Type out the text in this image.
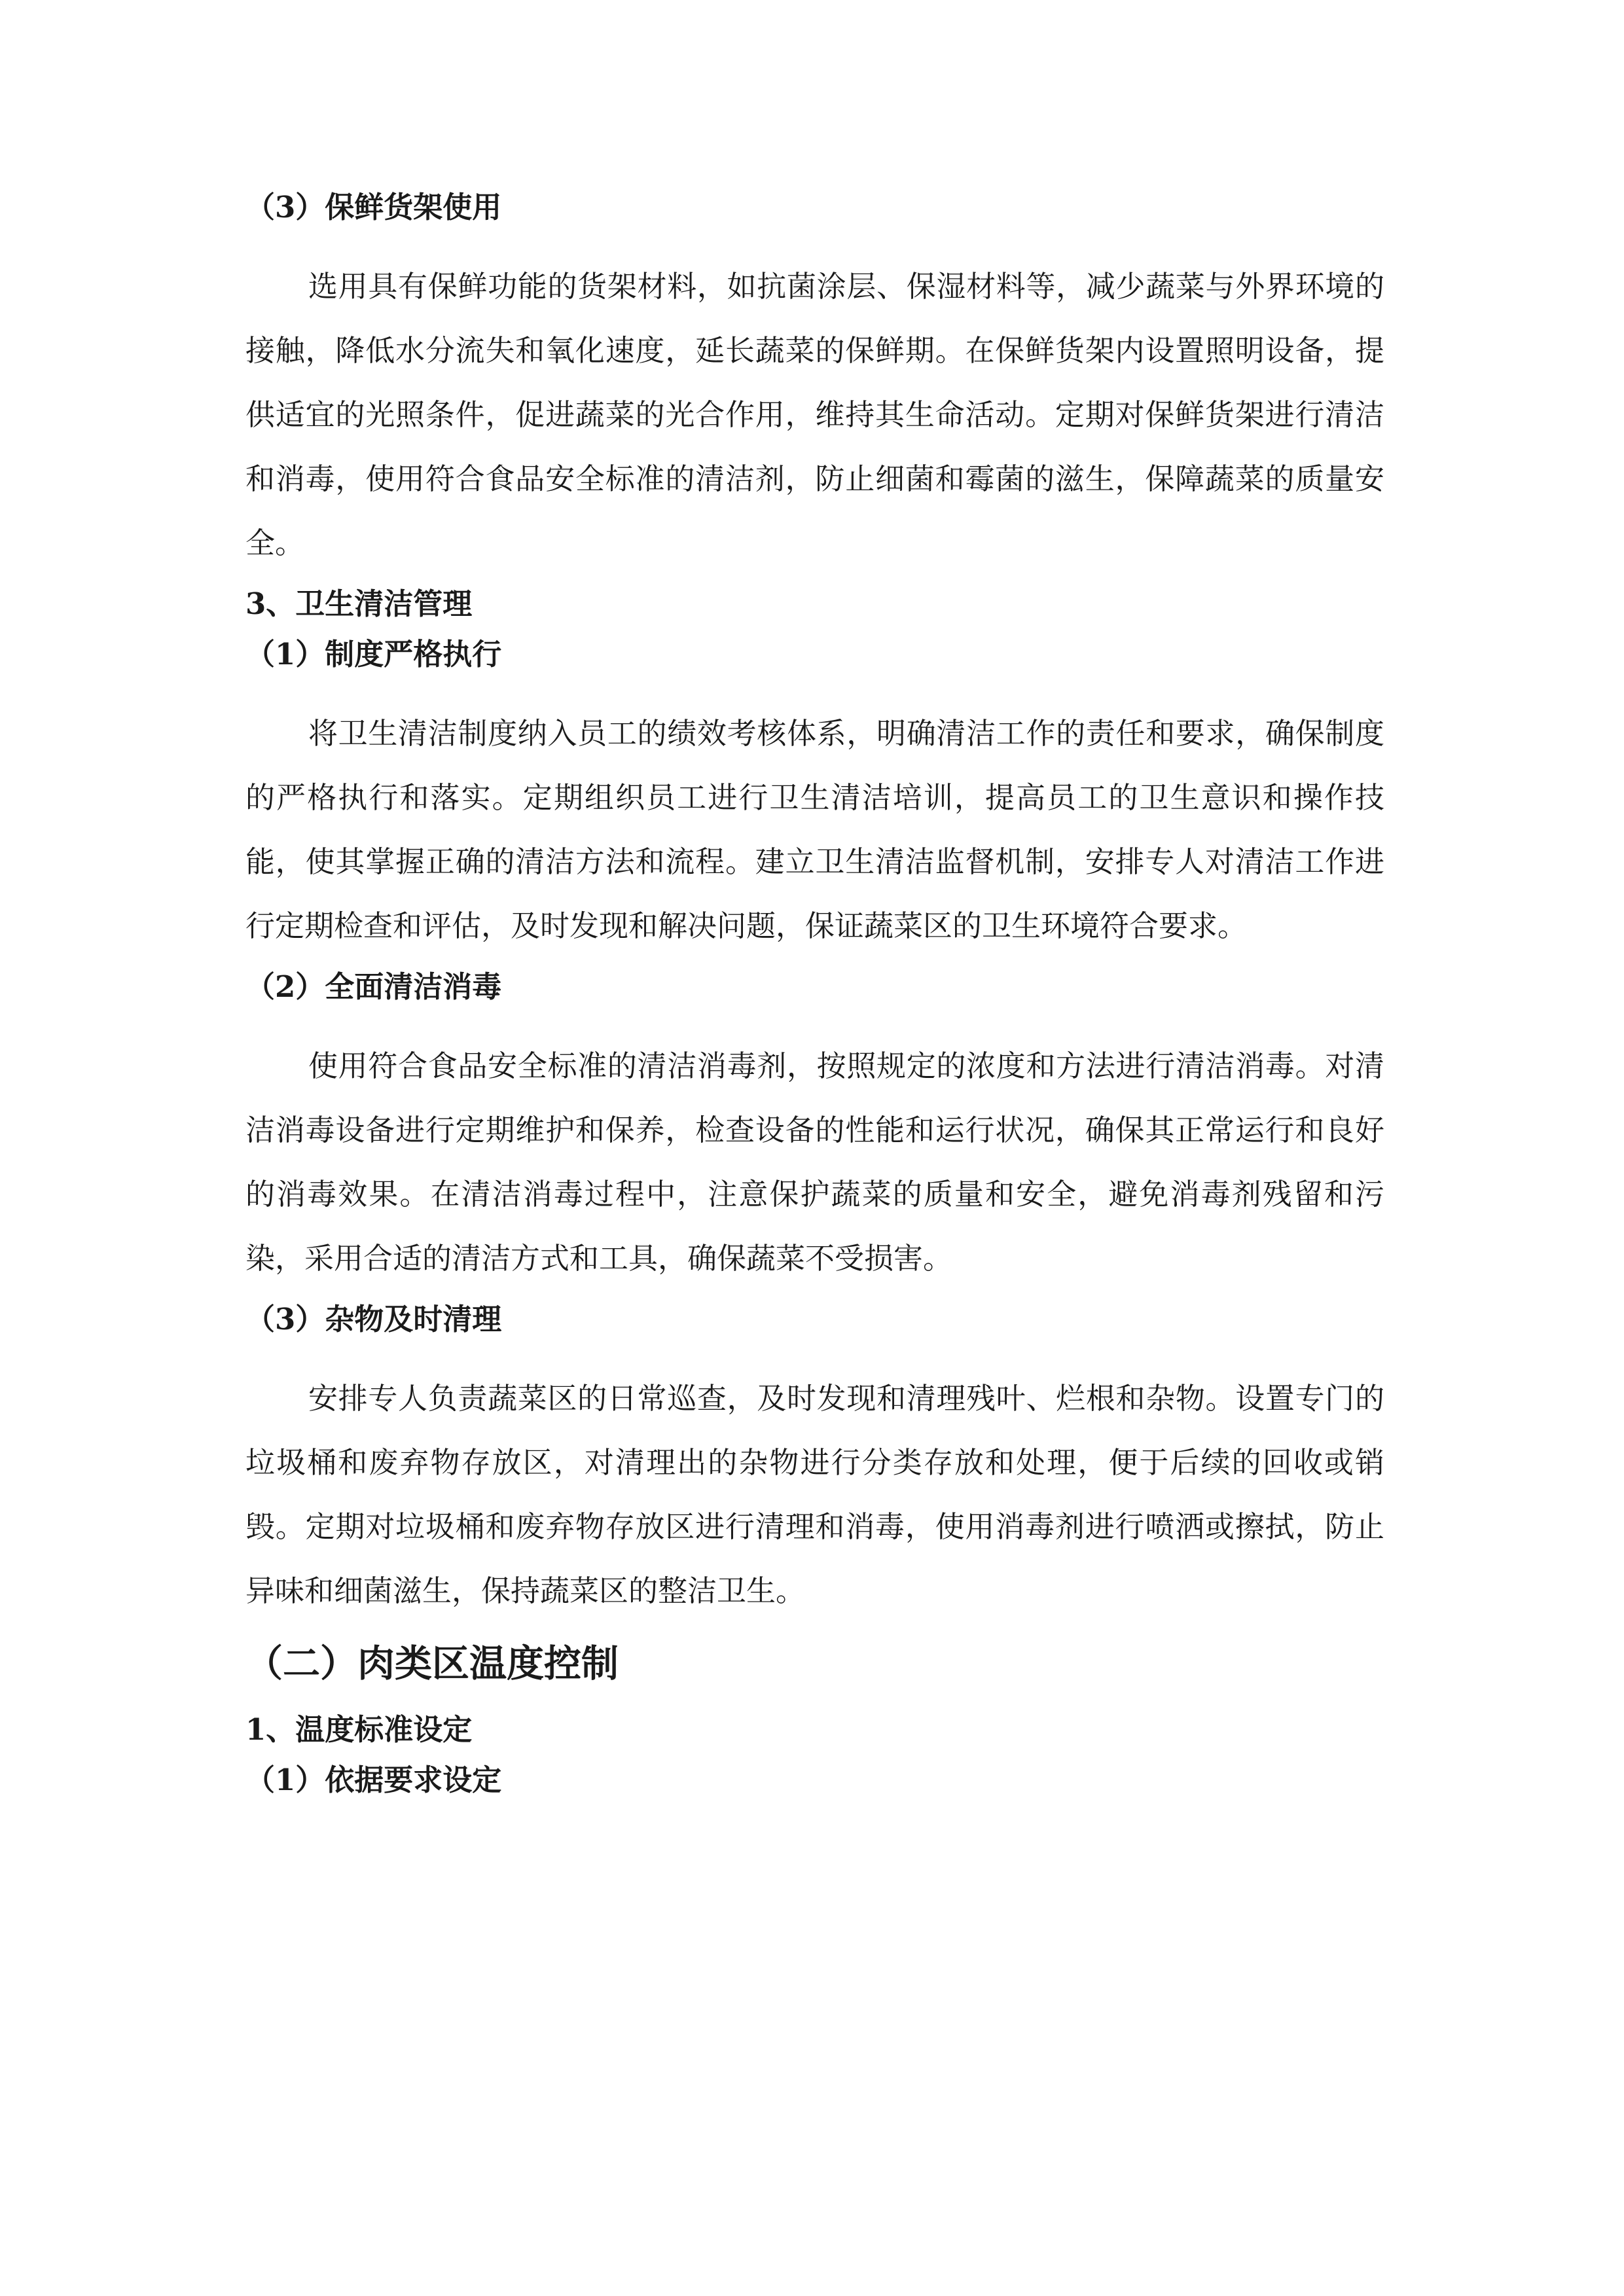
（3）保鲜货架使用

选用具有保鲜功能的货架材料，如抗菌涂层、保湿材料等，减少蔬菜与外界环境的接触，降低水分流失和氧化速度，延长蔬菜的保鲜期。在保鲜货架内设置照明设备，提供适宜的光照条件，促进蔬菜的光合作用，维持其生命活动。定期对保鲜货架进行清洁和消毒，使用符合食品安全标准的清洁剂，防止细菌和霉菌的滋生，保障蔬菜的质量安全。

3、卫生清洁管理
（1）制度严格执行

将卫生清洁制度纳入员工的绩效考核体系，明确清洁工作的责任和要求，确保制度的严格执行和落实。定期组织员工进行卫生清洁培训，提高员工的卫生意识和操作技能，使其掌握正确的清洁方法和流程。建立卫生清洁监督机制，安排专人对清洁工作进行定期检查和评估，及时发现和解决问题，保证蔬菜区的卫生环境符合要求。

（2）全面清洁消毒

使用符合食品安全标准的清洁消毒剂，按照规定的浓度和方法进行清洁消毒。对清洁消毒设备进行定期维护和保养，检查设备的性能和运行状况，确保其正常运行和良好的消毒效果。在清洁消毒过程中，注意保护蔬菜的质量和安全，避免消毒剂残留和污染，采用合适的清洁方式和工具，确保蔬菜不受损害。

（3）杂物及时清理

安排专人负责蔬菜区的日常巡查，及时发现和清理残叶、烂根和杂物。设置专门的垃圾桶和废弃物存放区，对清理出的杂物进行分类存放和处理，便于后续的回收或销毁。定期对垃圾桶和废弃物存放区进行清理和消毒，使用消毒剂进行喷洒或擦拭，防止异味和细菌滋生，保持蔬菜区的整洁卫生。

（二）肉类区温度控制
1、温度标准设定
（1）依据要求设定
